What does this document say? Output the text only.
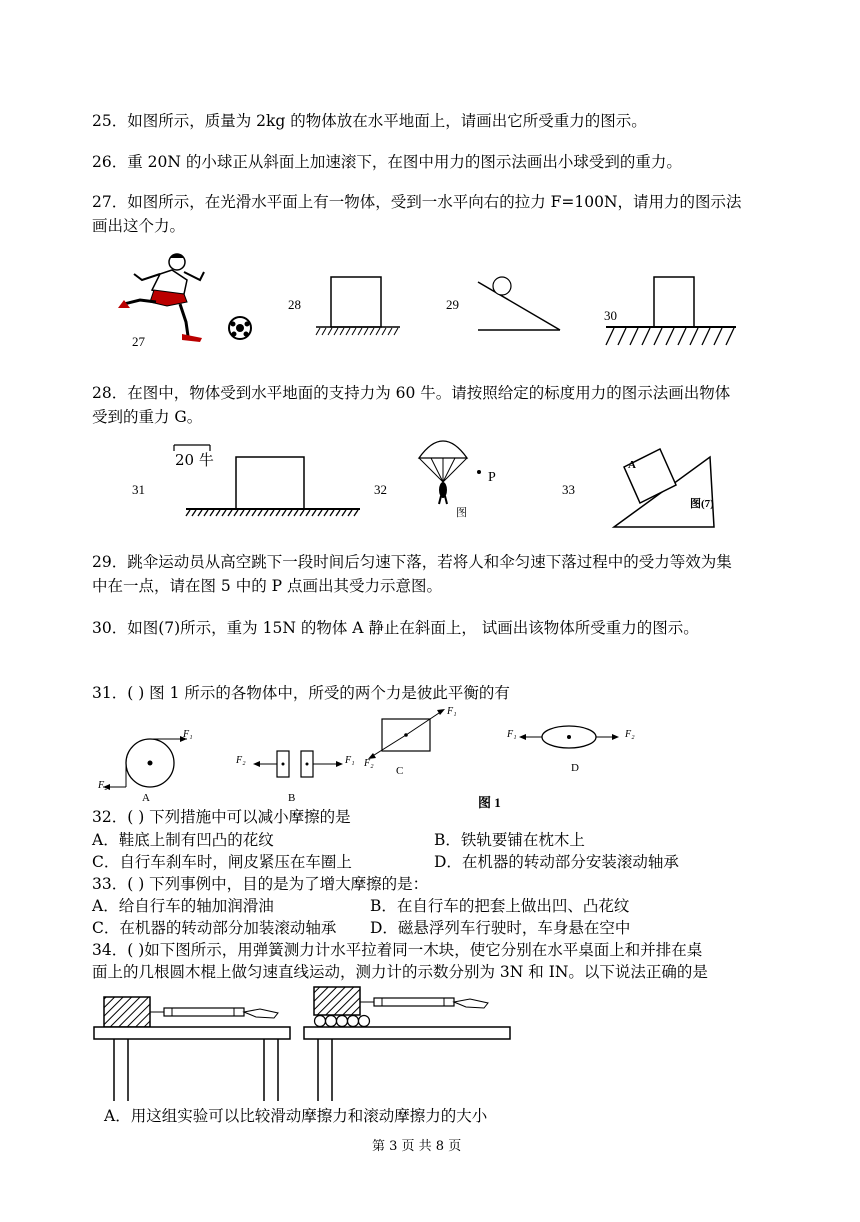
25．如图所示，质量为 2kg 的物体放在水平地面上，请画出它所受重力的图示。
26．重 20N 的小球正从斜面上加速滚下，在图中用力的图示法画出小球受到的重力。
27．如图所示，在光滑水平面上有一物体，受到一水平向右的拉力 F=100N，请用力的图示法
画出这个力。
27
28	29
30
28．在图中，物体受到水平地面的支持力为 60 牛。请按照给定的标度用力的图示法画出物体
受到的重力 G。
31
20 牛
32
P
图
33
A
图(7)
29．跳伞运动员从高空跳下一段时间后匀速下落，若将人和伞匀速下落过程中的受力等效为集
中在一点，请在图 5 中的 P 点画出其受力示意图。
30．如图(7)所示，重为 15N 的物体 A 静止在斜面上， 试画出该物体所受重力的图示。
31．( ) 图 1 所示的各物体中，所受的两个力是彼此平衡的有
F₁
F₂
A
F₂	F₁
B
F₁
F₂
C
F₁	F₂
D
图 1
32．( ) 下列措施中可以减小摩擦的是
A．鞋底上制有凹凸的花纹	B．铁轨要铺在枕木上
C．自行车刹车时，闸皮紧压在车圈上	D．在机器的转动部分安装滚动轴承
33．( ) 下列事例中，目的是为了增大摩擦的是：
A．给自行车的轴加润滑油	B．在自行车的把套上做出凹、凸花纹
C．在机器的转动部分加装滚动轴承 D．磁悬浮列车行驶时，车身悬在空中
34．( )如下图所示，用弹簧测力计水平拉着同一木块，使它分别在水平桌面上和并排在桌
面上的几根圆木棍上做匀速直线运动，测力计的示数分别为 3N 和 IN。以下说法正确的是
A．用这组实验可以比较滑动摩擦力和滚动摩擦力的大小
第 3 页 共 8 页
